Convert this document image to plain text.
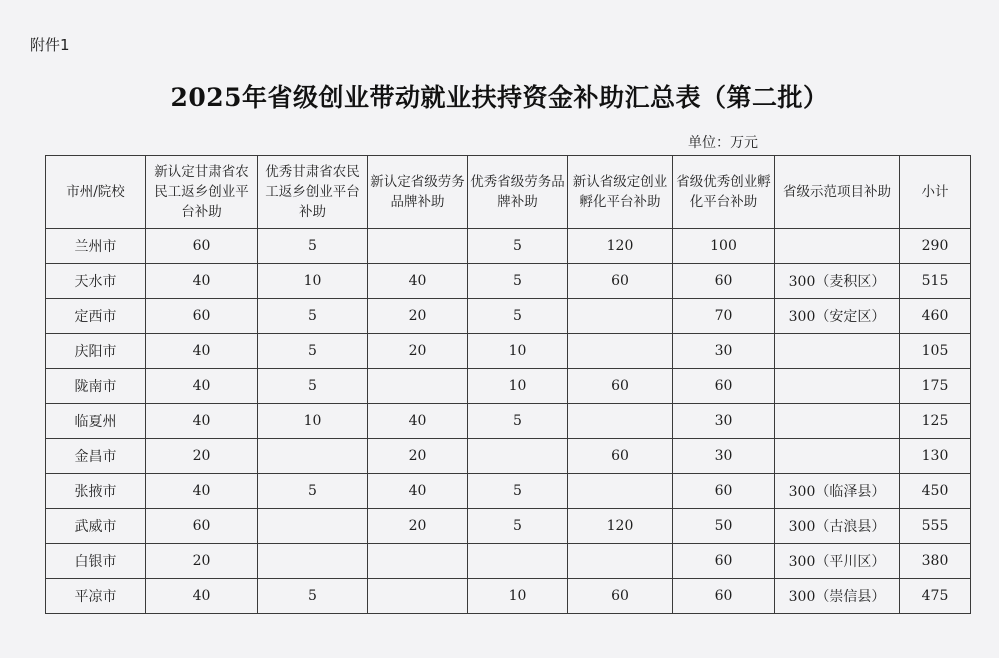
附件1
2025年省级创业带动就业扶持资金补助汇总表（第二批）
单位：万元
市州/院校	新认定甘肃省农民工返乡创业平台补助	优秀甘肃省农民工返乡创业平台补助	新认定省级劳务品牌补助	优秀省级劳务品牌补助	新认省级定创业孵化平台补助	省级优秀创业孵化平台补助	省级示范项目补助	小计
兰州市	60	5		5	120	100		290
天水市	40	10	40	5	60	60	300（麦积区）	515
定西市	60	5	20	5		70	300（安定区）	460
庆阳市	40	5	20	10		30		105
陇南市	40	5		10	60	60		175
临夏州	40	10	40	5		30		125
金昌市	20		20		60	30		130
张掖市	40	5	40	5		60	300（临泽县）	450
武威市	60		20	5	120	50	300（古浪县）	555
白银市	20					60	300（平川区）	380
平凉市	40	5		10	60	60	300（崇信县）	475
